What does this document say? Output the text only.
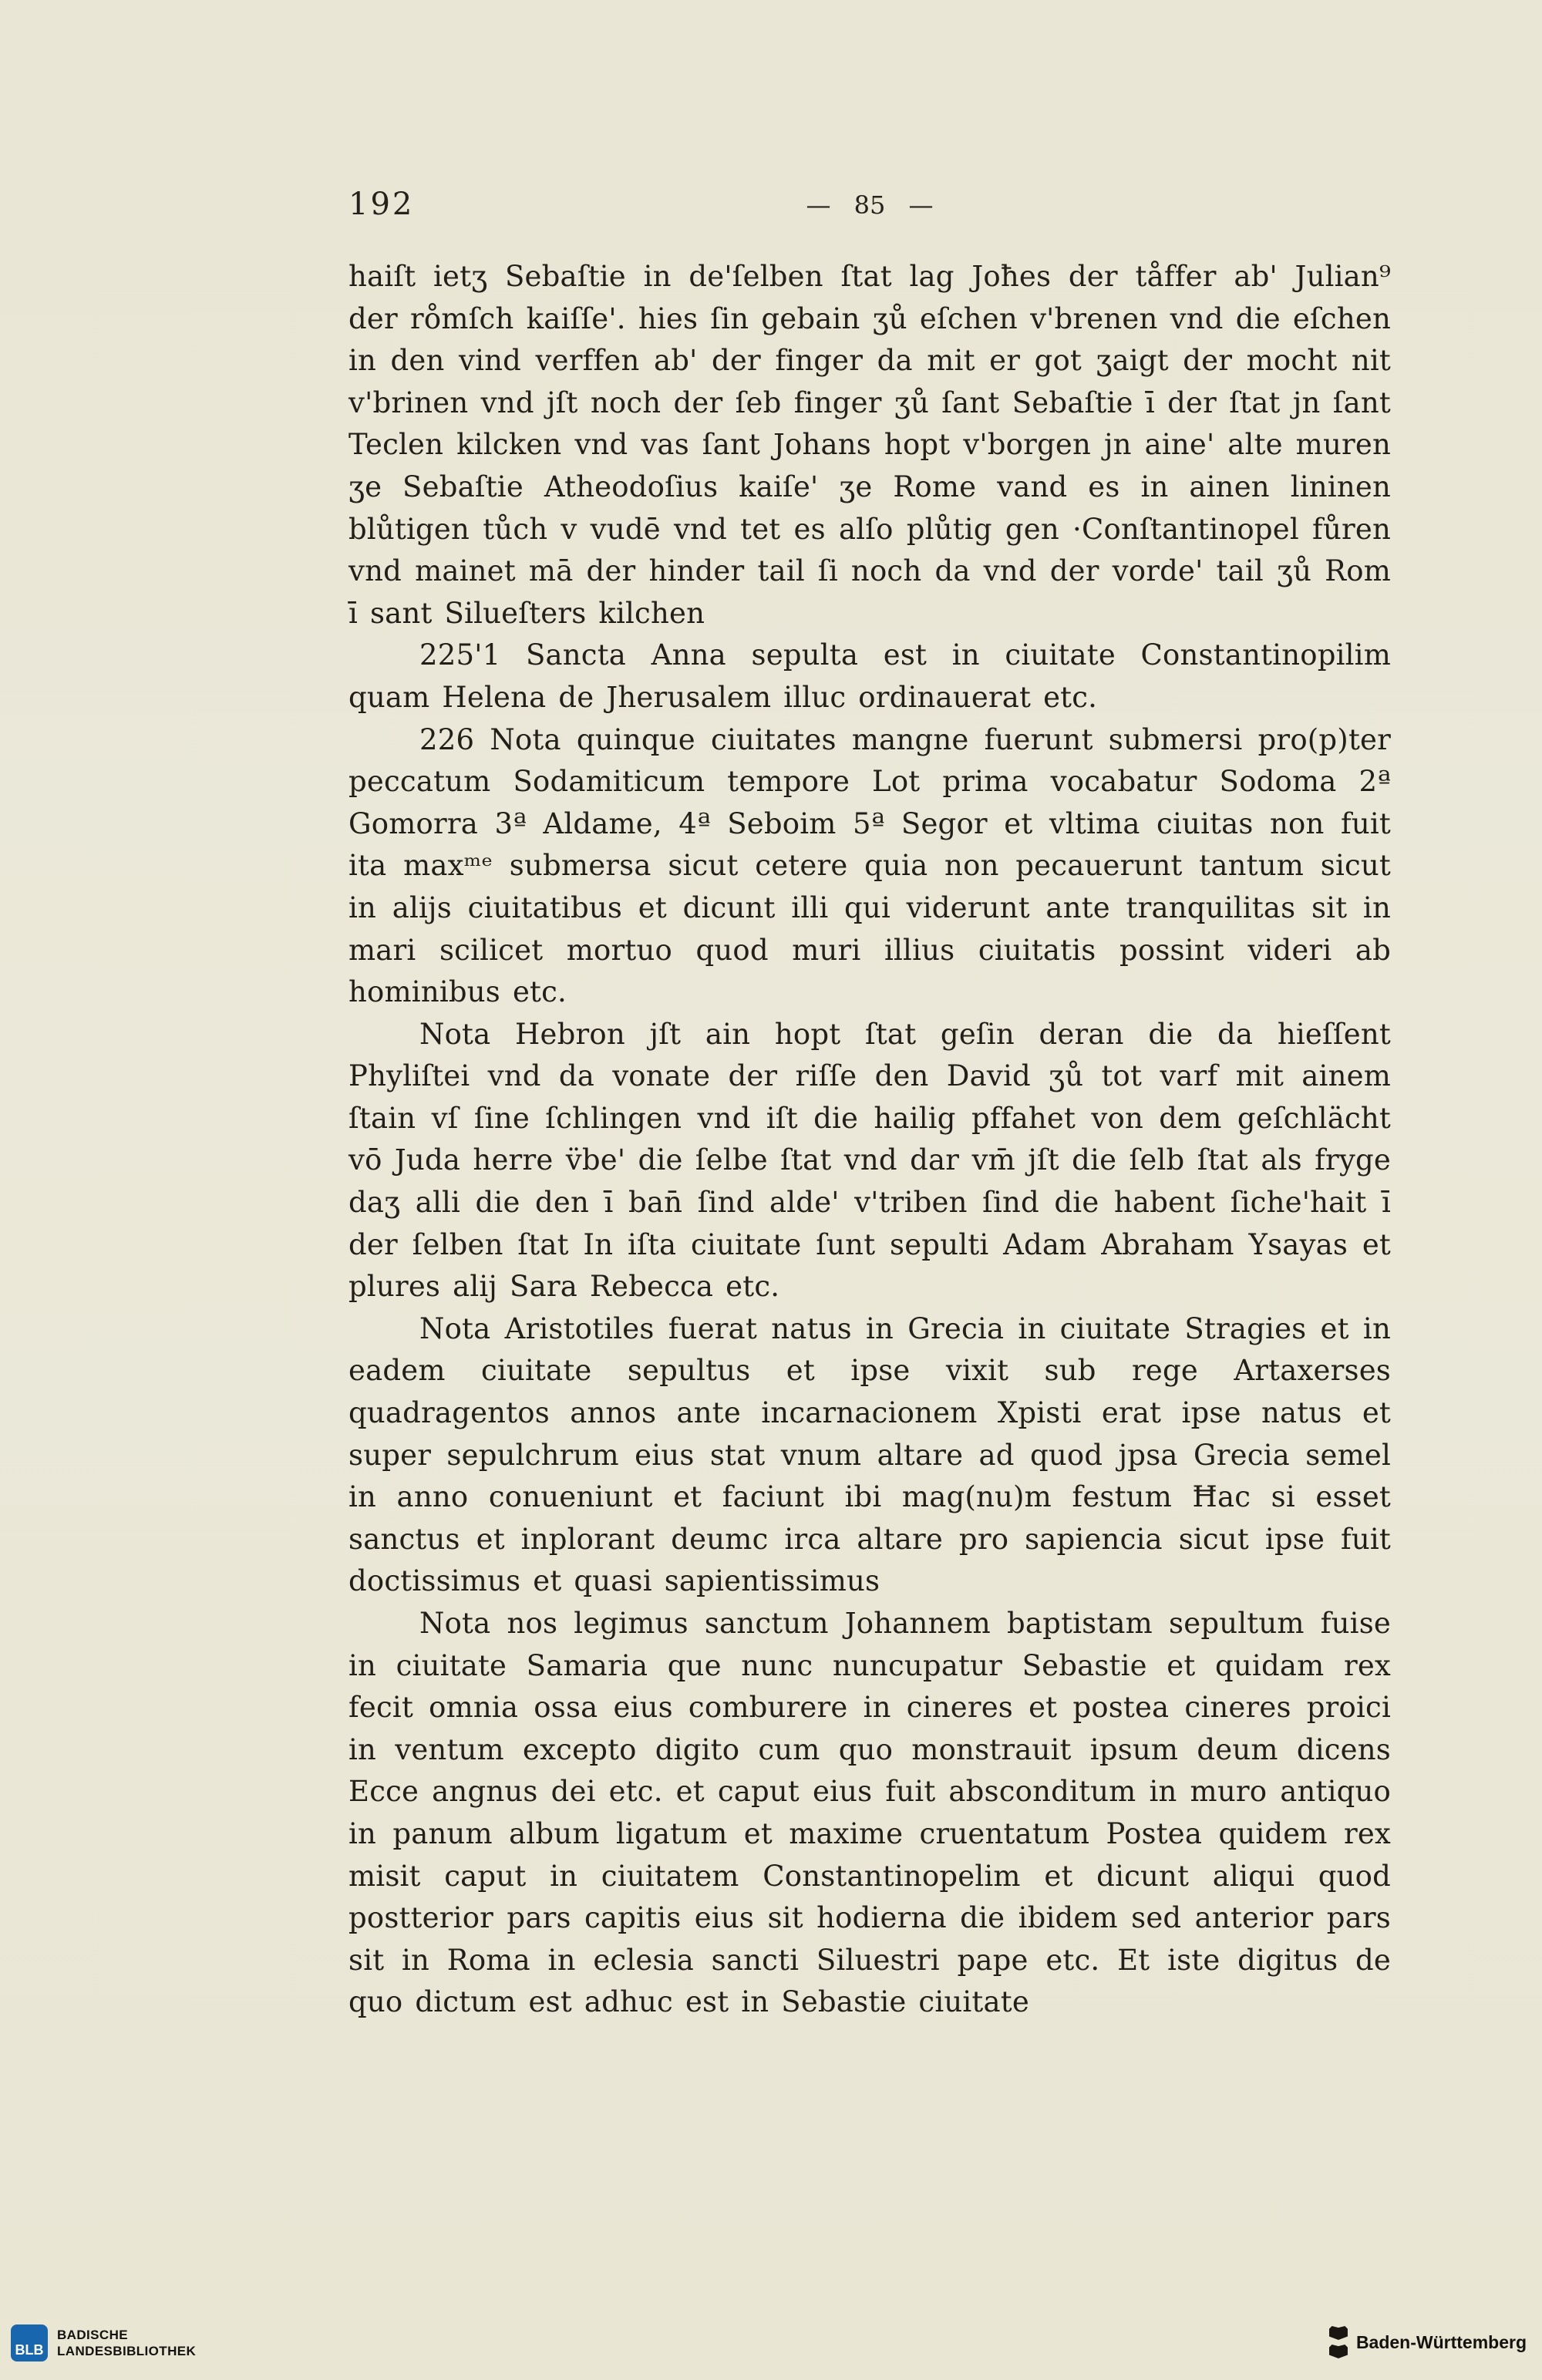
192	— 85 —

haiſt ietʒ Sebaſtie in de'ſelben ſtat lag Joħes der tåffer ab' Julian⁹ der ro̊mſch kaiſſe'. hies ſin gebain ʒů eſchen v'brenen vnd die eſchen in den vind verffen ab' der finger da mit er got ʒaigt der mocht nit v'brinen vnd jſt noch der ſeb finger ʒů ſant Sebaſtie ī der ſtat jn ſant Teclen kilcken vnd vas ſant Johans hopt v'borgen jn aine' alte muren ʒe Sebaſtie Atheodoſius kaiſe' ʒe Rome vand es in ainen lininen blůtigen tůch v vudē vnd tet es alſo plůtig gen ·Conſtantinopel fůren vnd mainet mā der hinder tail ſi noch da vnd der vorde' tail ʒů Rom ī sant Silueſters kilchen

225'1 Sancta Anna sepulta est in ciuitate Constantinopilim quam Helena de Jherusalem illuc ordinauerat etc.

226 Nota quinque ciuitates mangne fuerunt submersi pro(p)ter peccatum Sodamiticum tempore Lot prima vocabatur Sodoma 2ª Gomorra 3ª Aldame, 4ª Seboim 5ª Segor et vltima ciuitas non fuit ita maxᵐᵉ submersa sicut cetere quia non pecauerunt tantum sicut in alijs ciuitatibus et dicunt illi qui viderunt ante tranquilitas sit in mari scilicet mortuo quod muri illius ciuitatis possint videri ab hominibus etc.

Nota Hebron jſt ain hopt ſtat geſin deran die da hieſſent Phyliſtei vnd da vonate der riſſe den David ʒů tot varf mit ainem ſtain vſ ſine ſchlingen vnd iſt die hailig pffahet von dem geſchlächt vō Juda herre v̈be' die ſelbe ſtat vnd dar vm̄ jſt die ſelb ſtat als fryge daʒ alli die den ī ban̄ ſind alde' v'triben ſind die habent ſiche'hait ī der ſelben ſtat In iſta ciuitate ſunt sepulti Adam Abraham Ysayas et plures alij Sara Rebecca etc.

Nota Aristotiles fuerat natus in Grecia in ciuitate Stragies et in eadem ciuitate sepultus et ipse vixit sub rege Artaxerses quadragentos annos ante incarnacionem Xpisti erat ipse natus et super sepulchrum eius stat vnum altare ad quod jpsa Grecia semel in anno conueniunt et faciunt ibi mag(nu)m festum Ħac si esset sanctus et inplorant deumc irca altare pro sapiencia sicut ipse fuit doctissimus et quasi sapientissimus

Nota nos legimus sanctum Johannem baptistam sepultum fuise in ciuitate Samaria que nunc nuncupatur Sebastie et quidam rex fecit omnia ossa eius comburere in cineres et postea cineres proici in ventum excepto digito cum quo monstrauit ipsum deum dicens Ecce angnus dei etc. et caput eius fuit absconditum in muro antiquo in panum album ligatum et maxime cruentatum Postea quidem rex misit caput in ciuitatem Constantinopelim et dicunt aliqui quod postterior pars capitis eius sit hodierna die ibidem sed anterior pars sit in Roma in eclesia sancti Siluestri pape etc. Et iste digitus de quo dictum est adhuc est in Sebastie ciuitate

BLB
BADISCHE
LANDESBIBLIOTHEK	Baden-Württemberg
